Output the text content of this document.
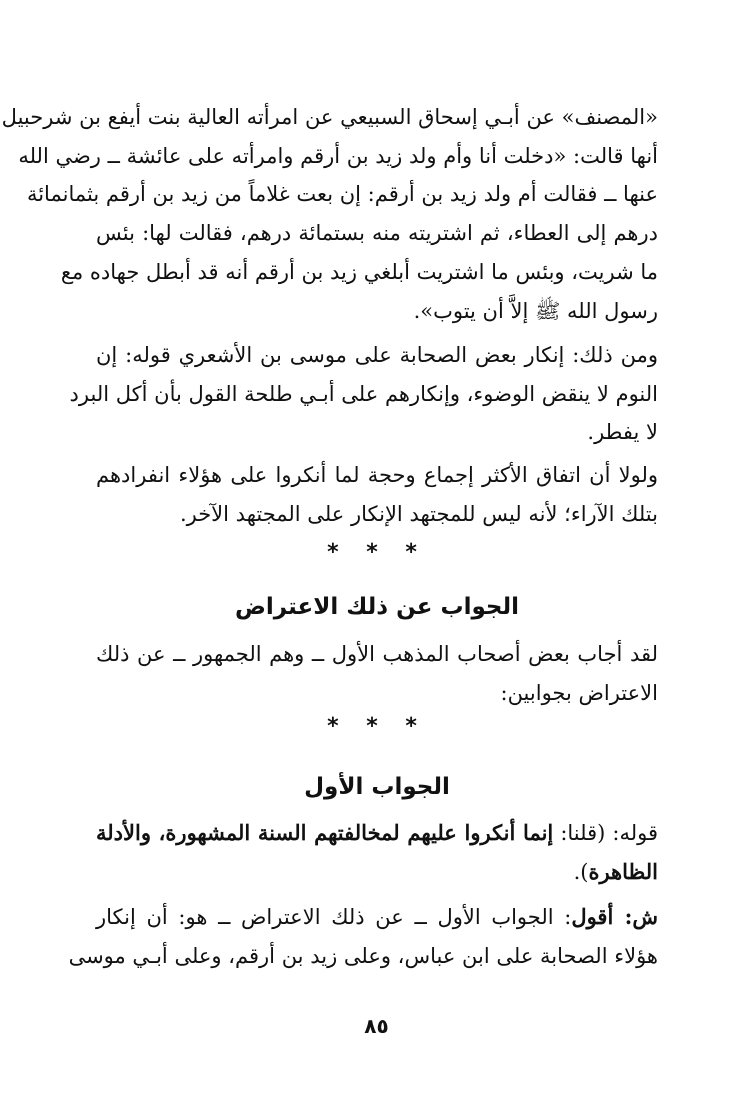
«المصنف» عن أبـي إسحاق السبيعي عن امرأته العالية بنت أيفع بن شرحبيل
أنها قالت: «دخلت أنا وأم ولد زيد بن أرقم وامرأته على عائشة ــ رضي الله
عنها ــ فقالت أم ولد زيد بن أرقم: إن بعت غلاماً من زيد بن أرقم بثمانمائة
درهم إلى العطاء، ثم اشتريته منه بستمائة درهم، فقالت لها: بئس
ما شريت، وبئس ما اشتريت أبلغي زيد بن أرقم أنه قد أبطل جهاده مع
رسول الله ﷺ إلاَّ أن يتوب».
ومن ذلك: إنكار بعض الصحابة على موسى بن الأشعري قوله: إن
النوم لا ينقض الوضوء، وإنكارهم على أبـي طلحة القول بأن أكل البرد
لا يفطر.
ولولا أن اتفاق الأكثر إجماع وحجة لما أنكروا على هؤلاء انفرادهم
بتلك الآراء؛ لأنه ليس للمجتهد الإنكار على المجتهد الآخر.
* * *
الجواب عن ذلك الاعتراض
لقد أجاب بعض أصحاب المذهب الأول ــ وهم الجمهور ــ عن ذلك
الاعتراض بجوابين:
* * *
الجواب الأول
قوله: (قلنا: إنما أنكروا عليهم لمخالفتهم السنة المشهورة، والأدلة
الظاهرة).
ش: أقول: الجواب الأول ــ عن ذلك الاعتراض ــ هو: أن إنكار
هؤلاء الصحابة على ابن عباس، وعلى زيد بن أرقم، وعلى أبـي موسى
٨٥
